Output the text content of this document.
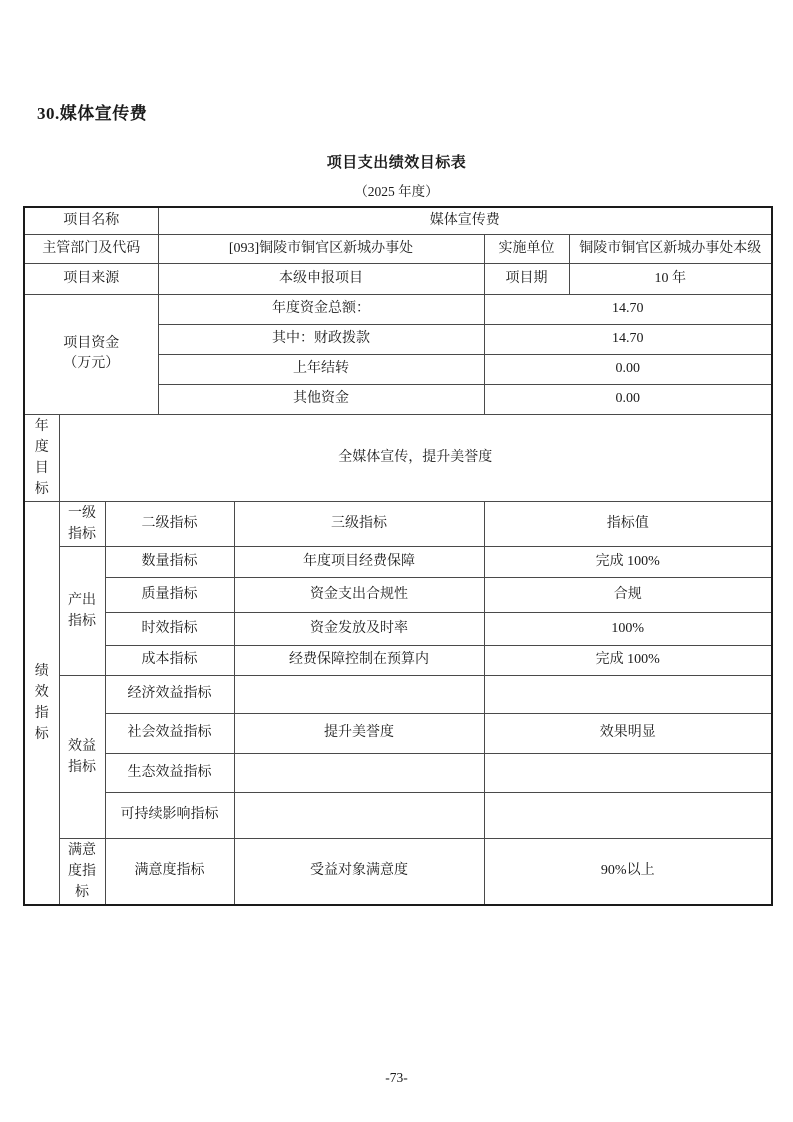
30.媒体宣传费
项目支出绩效目标表
（2025 年度）
项目名称			媒体宣传费			
主管部门及代码			[093]铜陵市铜官区新城办事处		实施单位	铜陵市铜官区新城办事处本级
项目来源			本级申报项目		项目期	10 年
项目资金
（万元）			年度资金总额：		14.70	
			其中：财政拨款		14.70	
			上年结转		0.00	
			其他资金		0.00	
年度目标	全媒体宣传，提升美誉度					
绩效指标	一级指标	二级指标		三级指标	指标值	
	产出指标	数量指标		年度项目经费保障	完成 100%	
		质量指标		资金支出合规性	合规	
		时效指标		资金发放及时率	100%	
		成本指标		经费保障控制在预算内	完成 100%	
	效益指标	经济效益指标				
		社会效益指标		提升美誉度	效果明显	
		生态效益指标				
		可持续影响指标				
	满意度指标	满意度指标		受益对象满意度	90%以上	
-73-
